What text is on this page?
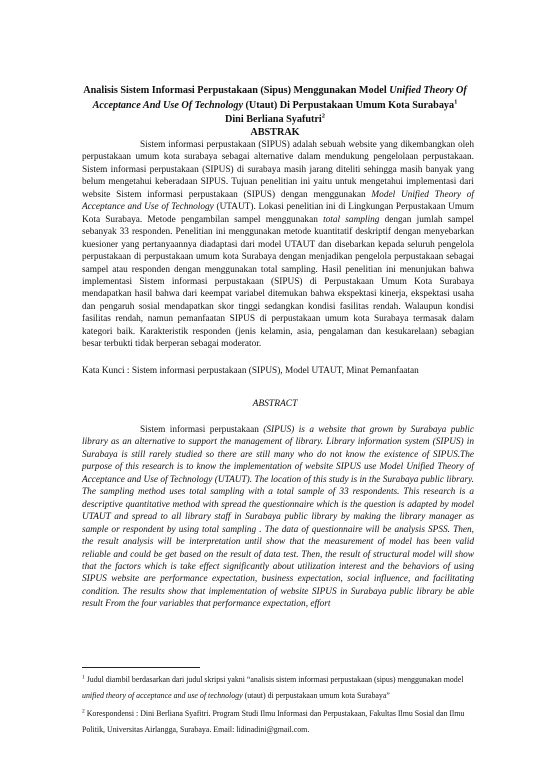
Analisis Sistem Informasi Perpustakaan (Sipus) Menggunakan Model Unified Theory Of Acceptance And Use Of Technology (Utaut) Di Perpustakaan Umum Kota Surabaya$^1$
Dini Berliana Syafutri$^2$
ABSTRAK
Sistem informasi perpustakaan (SIPUS) adalah sebuah website yang dikembangkan oleh perpustakaan umum kota surabaya sebagai alternative dalam mendukung pengelolaan perpustakaan. Sistem informasi perpustakaan (SIPUS) di surabaya masih jarang diteliti sehingga masih banyak yang belum mengetahui keberadaan SIPUS. Tujuan penelitian ini yaitu untuk mengetahui implementasi dari website Sistem informasi perpustakaan (SIPUS) dengan menggunakan Model Unified Theory of Acceptance and Use of Technology (UTAUT). Lokasi penelitian ini di Lingkungan Perpustakaan Umum Kota Surabaya. Metode pengambilan sampel menggunakan total sampling dengan jumlah sampel sebanyak 33 responden. Penelitian ini menggunakan metode kuantitatif deskriptif dengan menyebarkan kuesioner yang pertanyaannya diadaptasi dari model UTAUT dan disebarkan kepada seluruh pengelola perpustakaan di perpustakaan umum kota Surabaya dengan menjadikan pengelola perpustakaan sebagai sampel atau responden dengan menggunakan total sampling. Hasil penelitian ini menunjukan bahwa implementasi Sistem informasi perpustakaan (SIPUS) di Perpustakaan Umum Kota Surabaya mendapatkan hasil bahwa dari keempat variabel ditemukan bahwa ekspektasi kinerja, ekspektasi usaha dan pengaruh sosial mendapatkan skor tinggi sedangkan kondisi fasilitas rendah. Walaupun kondisi fasilitas rendah, namun pemanfaatan SIPUS di perpustakaan umum kota Surabaya termasak dalam kategori baik. Karakteristik responden (jenis kelamin, asia, pengalaman dan kesukarelaan) sebagian besar terbukti tidak berperan sebagai moderator.
Kata Kunci : Sistem informasi perpustakaan (SIPUS), Model UTAUT, Minat Pemanfaatan
ABSTRACT
Sistem informasi perpustakaan (SIPUS) is a website that grown by Surabaya public library as an alternative to support the management of library. Library information system (SIPUS) in Surabaya is still rarely studied so there are still many who do not know the existence of SIPUS.The purpose of this research is to know the implementation of website SIPUS use Model Unified Theory of Acceptance and Use of Technology (UTAUT). The location of this study is in the Surabaya public library. The sampling method uses total sampling with a total sample of 33 respondents. This research is a descriptive quantitative method with spread the questionnaire which is the question is adapted by model UTAUT and spread to all library staff in Surabaya public library by making the library manager as sample or respondent by using total sampling . The data of questionnaire will be analysis SPSS. Then, the result analysis will be interpretation until show that the measurement of model has been valid reliable and could be get based on the result of data test. Then, the result of structural model will show that the factors which is take effect significantly about utilization interest and the behaviors of using SIPUS website are performance expectation, business expectation, social influence, and facilitating condition. The results show that implementation of website SIPUS in Surabaya public library be able result From the four variables that performance expectation, effort

$^1$ Judul diambil berdasarkan dari judul skripsi yakni “analisis sistem informasi perpustakaan (sipus) menggunakan model unified theory of acceptance and use of technology (utaut) di perpustakaan umum kota Surabaya”

$^2$ Korespondensi : Dini Berliana Syafitri. Program Studi Ilmu Informasi dan Perpustakaan, Fakultas Ilmu Sosial dan Ilmu Politik, Universitas Airlangga, Surabaya. Email: lidinadini@gmail.com.
